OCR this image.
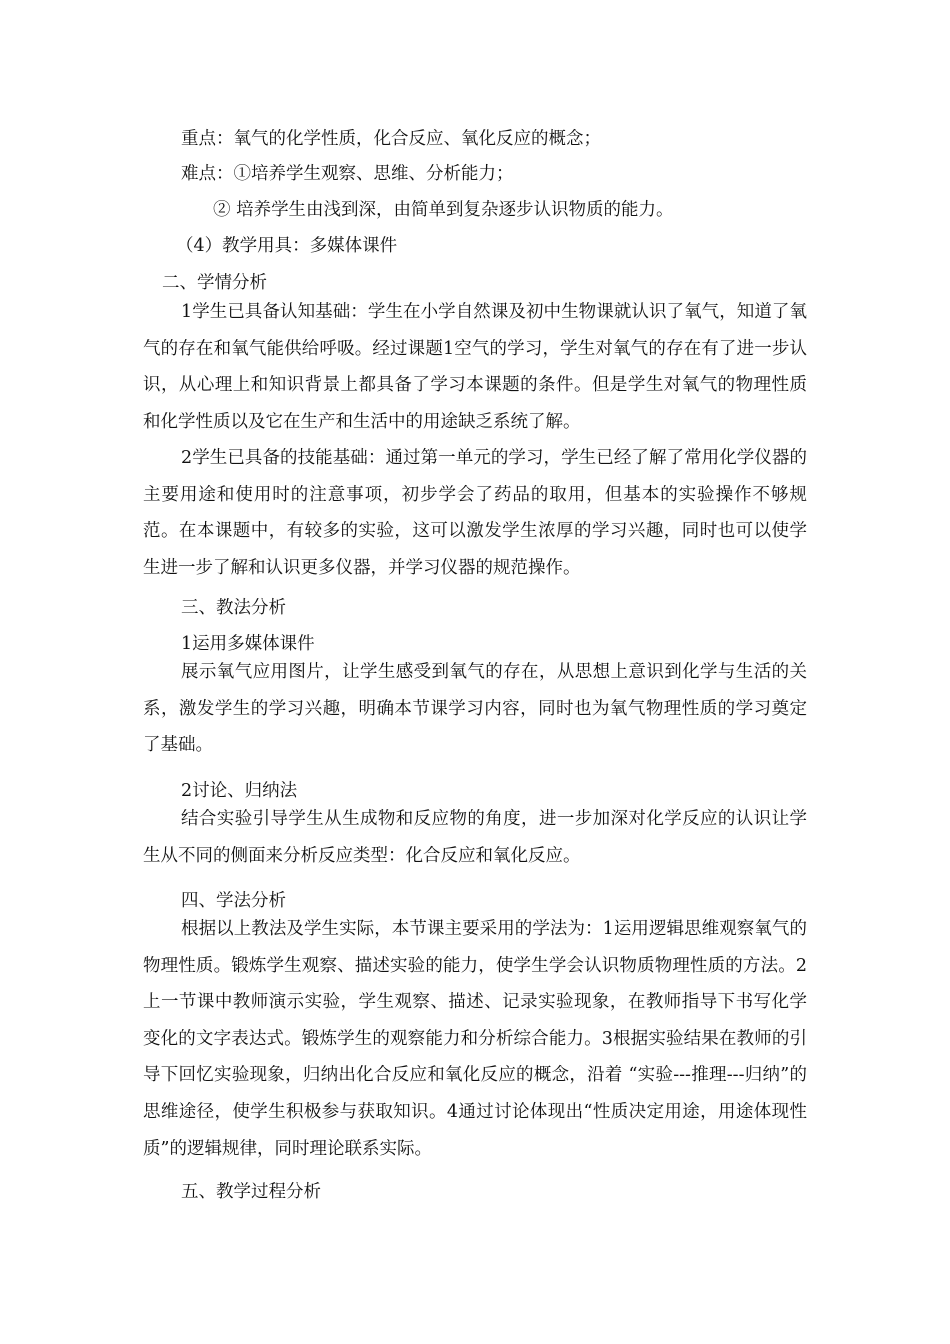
重点：氧气的化学性质，化合反应、氧化反应的概念；
难点：①培养学生观察、思维、分析能力；
② 培养学生由浅到深，由简单到复杂逐步认识物质的能力。
（4）教学用具：多媒体课件
二、学情分析

1学生已具备认知基础：学生在小学自然课及初中生物课就认识了氧气，知道了氧气的存在和氧气能供给呼吸。经过课题1空气的学习，学生对氧气的存在有了进一步认识，从心理上和知识背景上都具备了学习本课题的条件。但是学生对氧气的物理性质和化学性质以及它在生产和生活中的用途缺乏系统了解。

2学生已具备的技能基础：通过第一单元的学习，学生已经了解了常用化学仪器的主要用途和使用时的注意事项，初步学会了药品的取用，但基本的实验操作不够规范。在本课题中，有较多的实验，这可以激发学生浓厚的学习兴趣，同时也可以使学生进一步了解和认识更多仪器，并学习仪器的规范操作。

三、教法分析
1运用多媒体课件

展示氧气应用图片，让学生感受到氧气的存在，从思想上意识到化学与生活的关系，激发学生的学习兴趣，明确本节课学习内容，同时也为氧气物理性质的学习奠定了基础。

2讨论、归纳法

结合实验引导学生从生成物和反应物的角度，进一步加深对化学反应的认识让学生从不同的侧面来分析反应类型：化合反应和氧化反应。

四、学法分析

根据以上教法及学生实际，本节课主要采用的学法为：1运用逻辑思维观察氧气的物理性质。锻炼学生观察、描述实验的能力，使学生学会认识物质物理性质的方法。2上一节课中教师演示实验，学生观察、描述、记录实验现象，在教师指导下书写化学变化的文字表达式。锻炼学生的观察能力和分析综合能力。3根据实验结果在教师的引导下回忆实验现象，归纳出化合反应和氧化反应的概念，沿着 “实验---推理---归纳”的思维途径，使学生积极参与获取知识。4通过讨论体现出“性质决定用途，用途体现性质”的逻辑规律，同时理论联系实际。

五、教学过程分析
